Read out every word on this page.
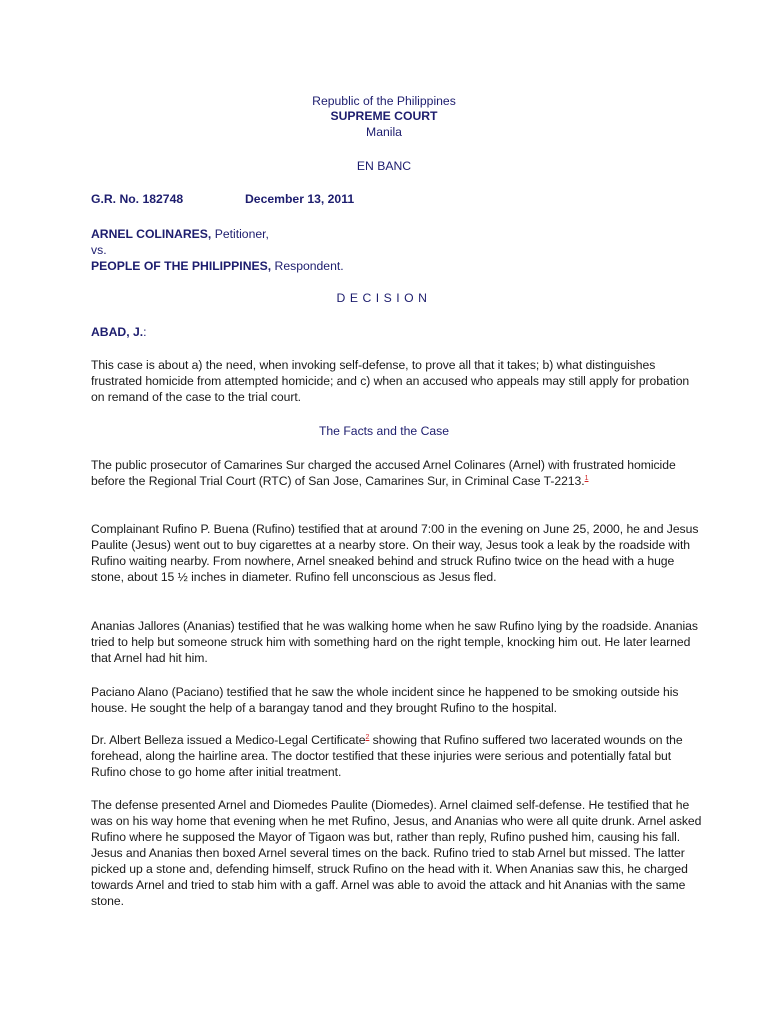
Republic of the Philippines
SUPREME COURT
Manila
EN BANC
G.R. No. 182748	December 13, 2011
ARNEL COLINARES, Petitioner,
vs.
PEOPLE OF THE PHILIPPINES, Respondent.
DECISION
ABAD, J.:

This case is about a) the need, when invoking self-defense, to prove all that it takes; b) what distinguishes frustrated homicide from attempted homicide; and c) when an accused who appeals may still apply for probation on remand of the case to the trial court.

The Facts and the Case

The public prosecutor of Camarines Sur charged the accused Arnel Colinares (Arnel) with frustrated homicide before the Regional Trial Court (RTC) of San Jose, Camarines Sur, in Criminal Case T-2213.$^1$

Complainant Rufino P. Buena (Rufino) testified that at around 7:00 in the evening on June 25, 2000, he and Jesus Paulite (Jesus) went out to buy cigarettes at a nearby store. On their way, Jesus took a leak by the roadside with Rufino waiting nearby. From nowhere, Arnel sneaked behind and struck Rufino twice on the head with a huge stone, about 15 ½ inches in diameter. Rufino fell unconscious as Jesus fled.

Ananias Jallores (Ananias) testified that he was walking home when he saw Rufino lying by the roadside. Ananias tried to help but someone struck him with something hard on the right temple, knocking him out. He later learned that Arnel had hit him.

Paciano Alano (Paciano) testified that he saw the whole incident since he happened to be smoking outside his house. He sought the help of a barangay tanod and they brought Rufino to the hospital.

Dr. Albert Belleza issued a Medico-Legal Certificate$^2$ showing that Rufino suffered two lacerated wounds on the forehead, along the hairline area. The doctor testified that these injuries were serious and potentially fatal but Rufino chose to go home after initial treatment.

The defense presented Arnel and Diomedes Paulite (Diomedes). Arnel claimed self-defense. He testified that he was on his way home that evening when he met Rufino, Jesus, and Ananias who were all quite drunk. Arnel asked Rufino where he supposed the Mayor of Tigaon was but, rather than reply, Rufino pushed him, causing his fall. Jesus and Ananias then boxed Arnel several times on the back. Rufino tried to stab Arnel but missed. The latter picked up a stone and, defending himself, struck Rufino on the head with it. When Ananias saw this, he charged towards Arnel and tried to stab him with a gaff. Arnel was able to avoid the attack and hit Ananias with the same stone.
